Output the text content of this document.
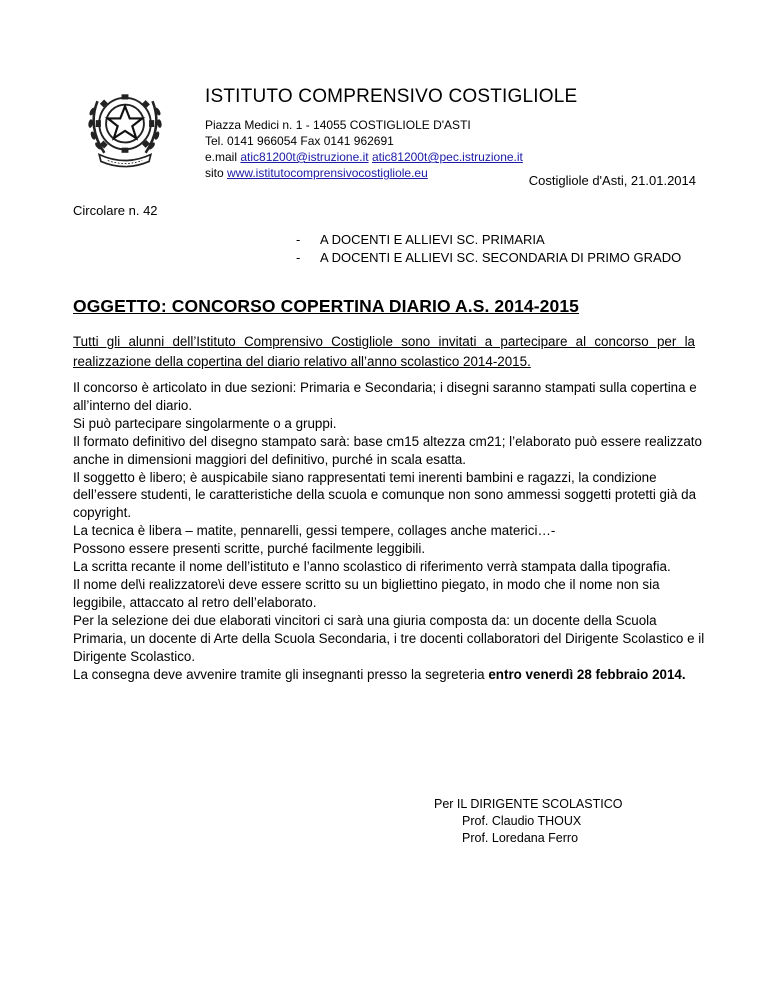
ISTITUTO COMPRENSIVO COSTIGLIOLE
Piazza Medici n. 1 - 14055 COSTIGLIOLE D'ASTI
Tel. 0141 966054 Fax 0141 962691
e.mail atic81200t@istruzione.it atic81200t@pec.istruzione.it
sito www.istitutocomprensivocostigliole.eu	Costigliole d'Asti, 21.01.2014
Circolare n. 42
- A DOCENTI E ALLIEVI SC. PRIMARIA
- A DOCENTI E ALLIEVI SC. SECONDARIA DI PRIMO GRADO
OGGETTO: CONCORSO COPERTINA DIARIO A.S. 2014-2015

Tutti gli alunni dell’Istituto Comprensivo Costigliole sono invitati a partecipare al concorso per la realizzazione della copertina del diario relativo all’anno scolastico 2014-2015.

Il concorso è articolato in due sezioni: Primaria e Secondaria; i disegni saranno stampati sulla copertina e all’interno del diario.

Si può partecipare singolarmente o a gruppi.

Il formato definitivo del disegno stampato sarà: base cm15 altezza cm21; l’elaborato può essere realizzato anche in dimensioni maggiori del definitivo, purché in scala esatta.

Il soggetto è libero; è auspicabile siano rappresentati temi inerenti bambini e ragazzi, la condizione dell’essere studenti, le caratteristiche della scuola e comunque non sono ammessi soggetti protetti già da copyright.

La tecnica è libera – matite, pennarelli, gessi tempere, collages anche materici…-

Possono essere presenti scritte, purché facilmente leggibili.

La scritta recante il nome dell’istituto e l’anno scolastico di riferimento verrà stampata dalla tipografia.

Il nome del\i realizzatore\i deve essere scritto su un bigliettino piegato, in modo che il nome non sia leggibile, attaccato al retro dell’elaborato.

Per la selezione dei due elaborati vincitori ci sarà una giuria composta da: un docente della Scuola Primaria, un docente di Arte della Scuola Secondaria, i tre docenti collaboratori del Dirigente Scolastico e il Dirigente Scolastico.

La consegna deve avvenire tramite gli insegnanti presso la segreteria entro venerdì 28 febbraio 2014.

Per IL DIRIGENTE SCOLASTICO
Prof. Claudio THOUX
Prof. Loredana Ferro
